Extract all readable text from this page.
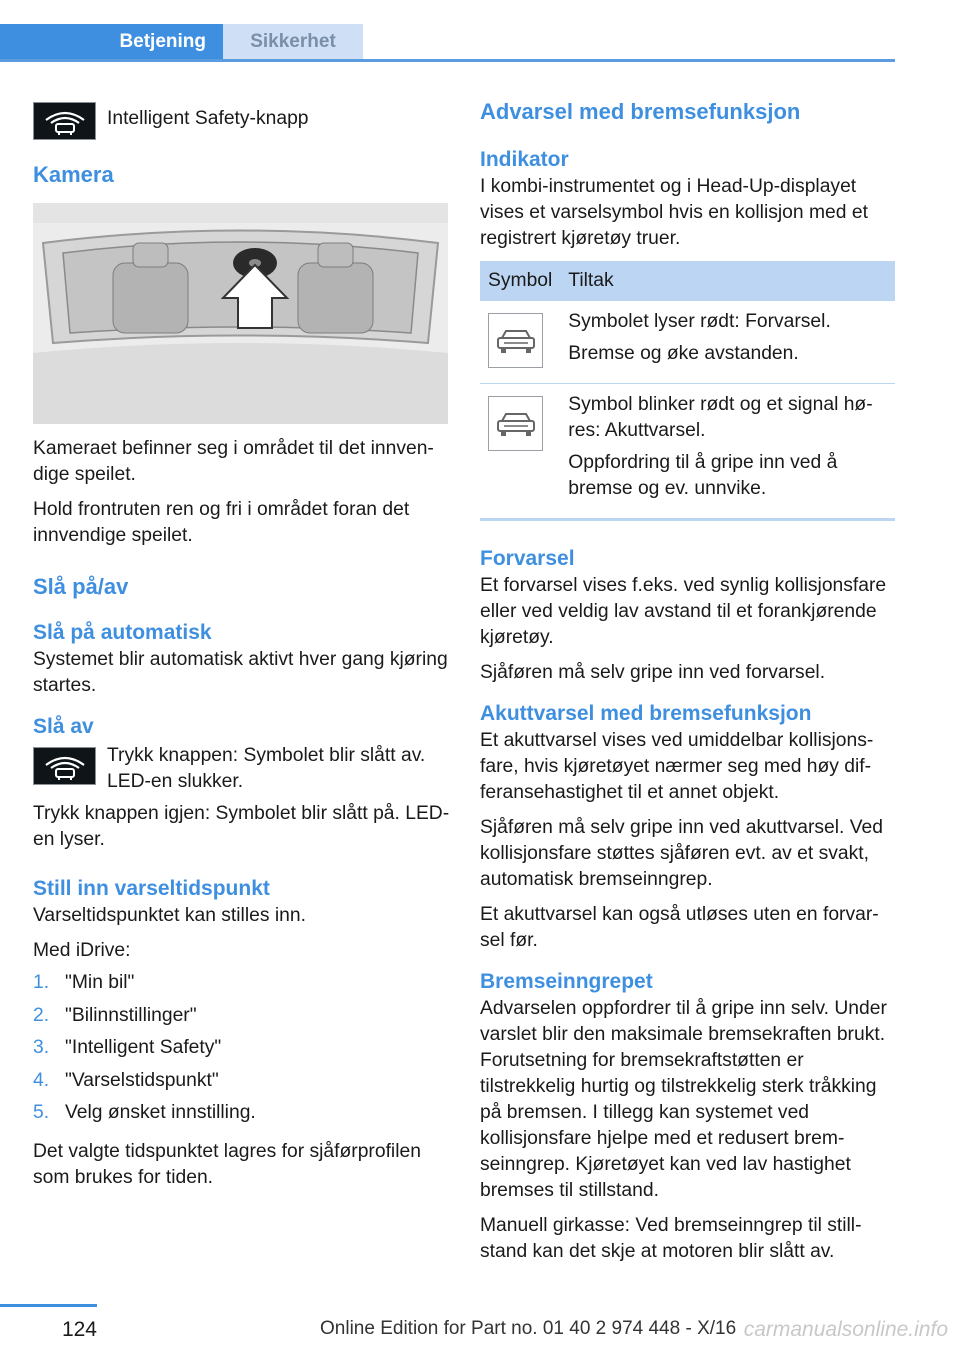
Betjening	Sikkerhet
Intelligent Safety-knapp
Kamera
Kameraet befinner seg i området til det innvendige speilet.
Hold frontruten ren og fri i området foran det innvendige speilet.
Slå på/av
Slå på automatisk
Systemet blir automatisk aktivt hver gang kjøring startes.
Slå av
Trykk knappen: Symbolet blir slått av. LED-en slukker.
Trykk knappen igjen: Symbolet blir slått på. LED-en lyser.
Still inn varseltidspunkt
Varseltidspunktet kan stilles inn.
Med iDrive:
1. "Min bil"
2. "Bilinnstillinger"
3. "Intelligent Safety"
4. "Varselstidspunkt"
5. Velg ønsket innstilling.
Det valgte tidspunktet lagres for sjåførprofilen som brukes for tiden.
Advarsel med bremsefunksjon
Indikator
I kombi-instrumentet og i Head-Up-displayet vises et varselsymbol hvis en kollisjon med et registrert kjøretøy truer.
Symbol	Tiltak

Symbolet lyser rødt: Forvarsel.
Bremse og øke avstanden.

Symbol blinker rødt og et signal høres: Akuttvarsel.
Oppfordring til å gripe inn ved å bremse og ev. unnvike.
Forvarsel
Et forvarsel vises f.eks. ved synlig kollisjonsfare eller ved veldig lav avstand til et forankjørende kjøretøy.
Sjåføren må selv gripe inn ved forvarsel.
Akuttvarsel med bremsefunksjon
Et akuttvarsel vises ved umiddelbar kollisjonsfare, hvis kjøretøyet nærmer seg med høy differansehastighet til et annet objekt.
Sjåføren må selv gripe inn ved akuttvarsel. Ved kollisjonsfare støttes sjåføren evt. av et svakt, automatisk bremseinngrep.
Et akuttvarsel kan også utløses uten en forvarsel før.
Bremseinngrepet
Advarselen oppfordrer til å gripe inn selv. Under varslet blir den maksimale bremsekraften brukt. Forutsetning for bremsekraftstøtten er tilstrekkelig hurtig og tilstrekkelig sterk tråkking på bremsen. I tillegg kan systemet ved kollisjonsfare hjelpe med et redusert bremseinngrep. Kjøretøyet kan ved lav hastighet bremses til stillstand.
Manuell girkasse: Ved bremseinngrep til stillstand kan det skje at motoren blir slått av.
124	Online Edition for Part no. 01 40 2 974 448 - X/16 carmanualsonline.info
